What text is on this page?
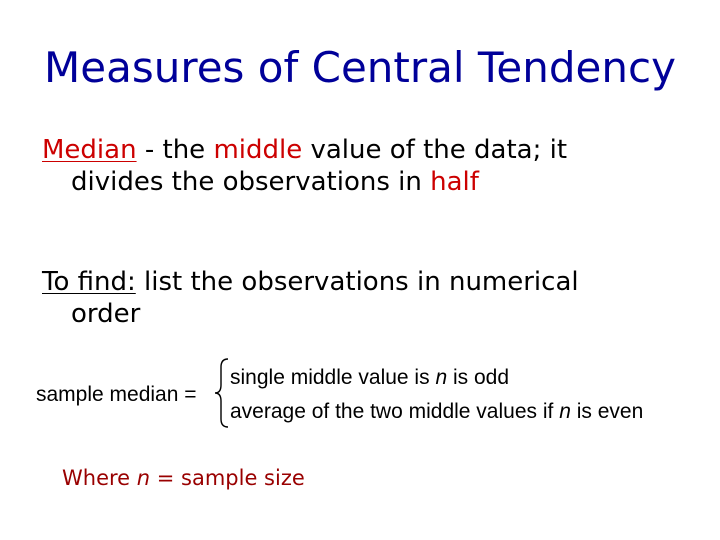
Measures of Central Tendency
Median - the middle value of the data; it
divides the observations in half
To find: list the observations in numerical
order
sample median =
single middle value is n is odd
average of the two middle values if n is even
Where n = sample size
